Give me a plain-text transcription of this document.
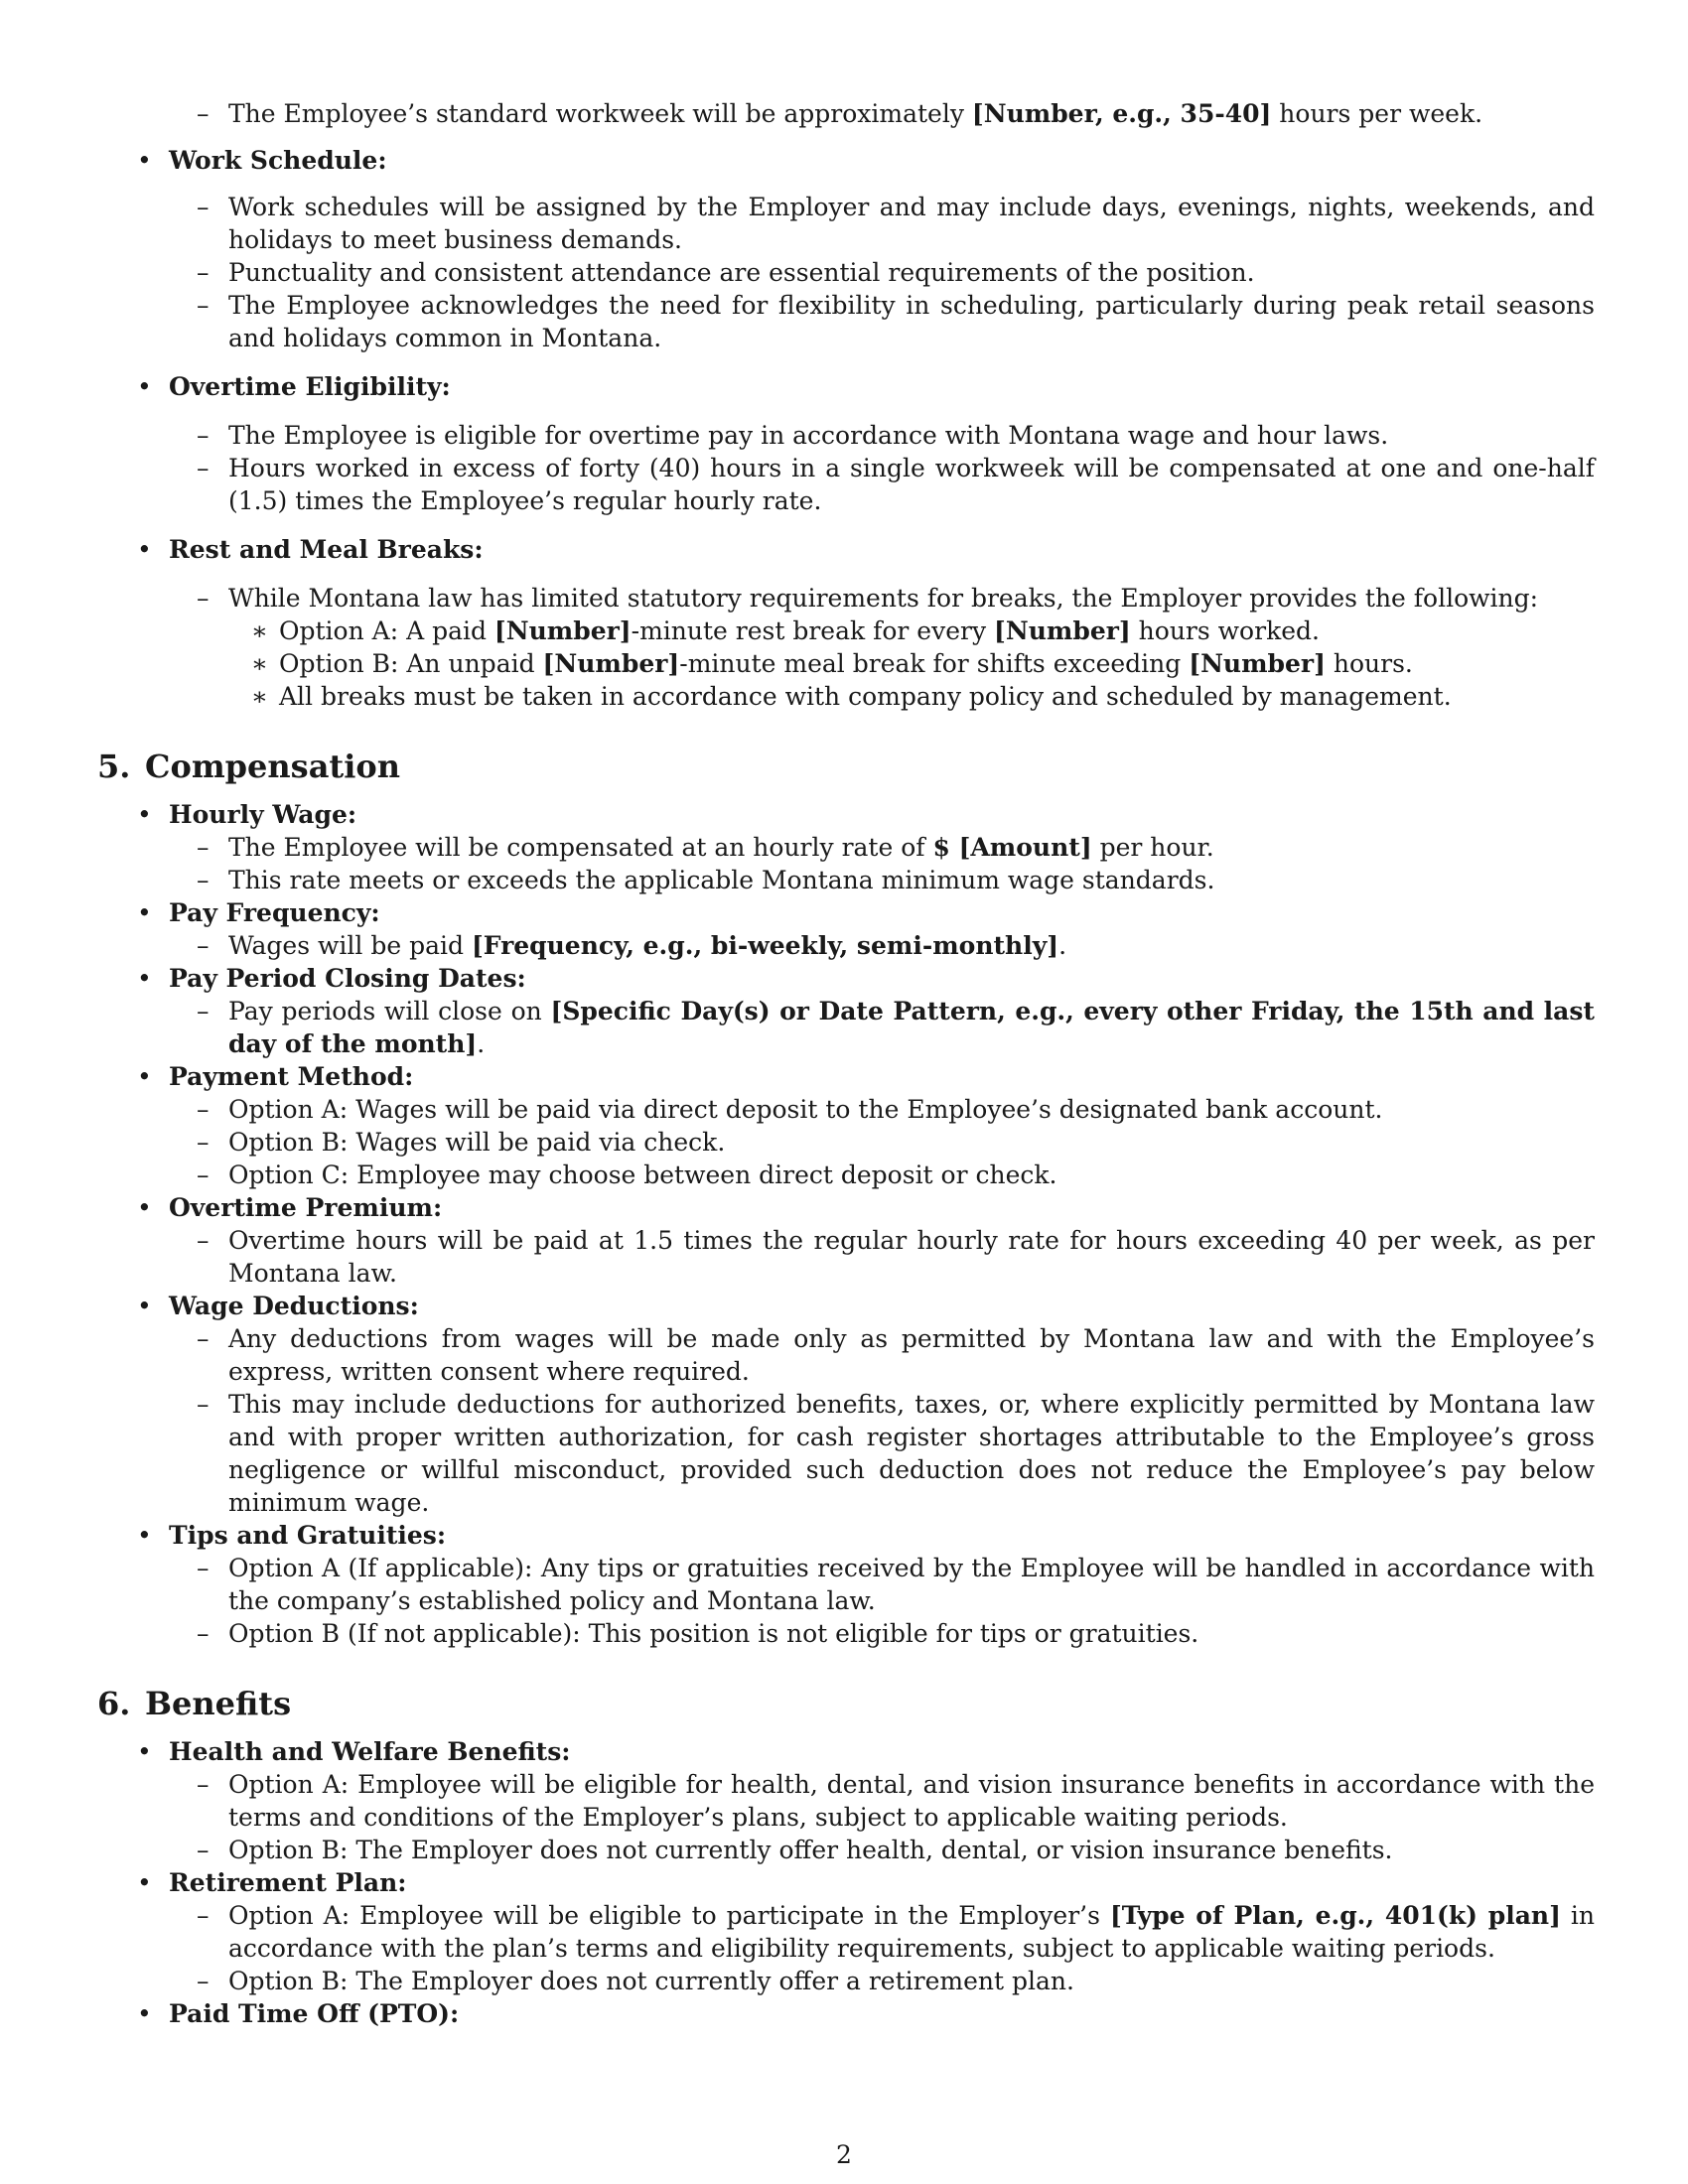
– The Employee’s standard workweek will be approximately [Number, e.g., 35-40] hours per week.
• Work Schedule:
– Work schedules will be assigned by the Employer and may include days, evenings, nights, weekends, and holidays to meet business demands.
– Punctuality and consistent attendance are essential requirements of the position.
– The Employee acknowledges the need for flexibility in scheduling, particularly during peak retail seasons and holidays common in Montana.
• Overtime Eligibility:
– The Employee is eligible for overtime pay in accordance with Montana wage and hour laws.
– Hours worked in excess of forty (40) hours in a single workweek will be compensated at one and one-half (1.5) times the Employee’s regular hourly rate.
• Rest and Meal Breaks:
– While Montana law has limited statutory requirements for breaks, the Employer provides the following:
∗ Option A: A paid [Number]-minute rest break for every [Number] hours worked.
∗ Option B: An unpaid [Number]-minute meal break for shifts exceeding [Number] hours.
∗ All breaks must be taken in accordance with company policy and scheduled by management.
5. Compensation
• Hourly Wage:
– The Employee will be compensated at an hourly rate of $ [Amount] per hour.
– This rate meets or exceeds the applicable Montana minimum wage standards.
• Pay Frequency:
– Wages will be paid [Frequency, e.g., bi-weekly, semi-monthly].
• Pay Period Closing Dates:
– Pay periods will close on [Specific Day(s) or Date Pattern, e.g., every other Friday, the 15th and last day of the month].
• Payment Method:
– Option A: Wages will be paid via direct deposit to the Employee’s designated bank account.
– Option B: Wages will be paid via check.
– Option C: Employee may choose between direct deposit or check.
• Overtime Premium:
– Overtime hours will be paid at 1.5 times the regular hourly rate for hours exceeding 40 per week, as per Montana law.
• Wage Deductions:
– Any deductions from wages will be made only as permitted by Montana law and with the Employee’s express, written consent where required.
– This may include deductions for authorized benefits, taxes, or, where explicitly permitted by Montana law and with proper written authorization, for cash register shortages attributable to the Employee’s gross negligence or willful misconduct, provided such deduction does not reduce the Employee’s pay below minimum wage.
• Tips and Gratuities:
– Option A (If applicable): Any tips or gratuities received by the Employee will be handled in accordance with the company’s established policy and Montana law.
– Option B (If not applicable): This position is not eligible for tips or gratuities.
6. Benefits
• Health and Welfare Benefits:
– Option A: Employee will be eligible for health, dental, and vision insurance benefits in accordance with the terms and conditions of the Employer’s plans, subject to applicable waiting periods.
– Option B: The Employer does not currently offer health, dental, or vision insurance benefits.
• Retirement Plan:
– Option A: Employee will be eligible to participate in the Employer’s [Type of Plan, e.g., 401(k) plan] in accordance with the plan’s terms and eligibility requirements, subject to applicable waiting periods.
– Option B: The Employer does not currently offer a retirement plan.
• Paid Time Off (PTO):
2
